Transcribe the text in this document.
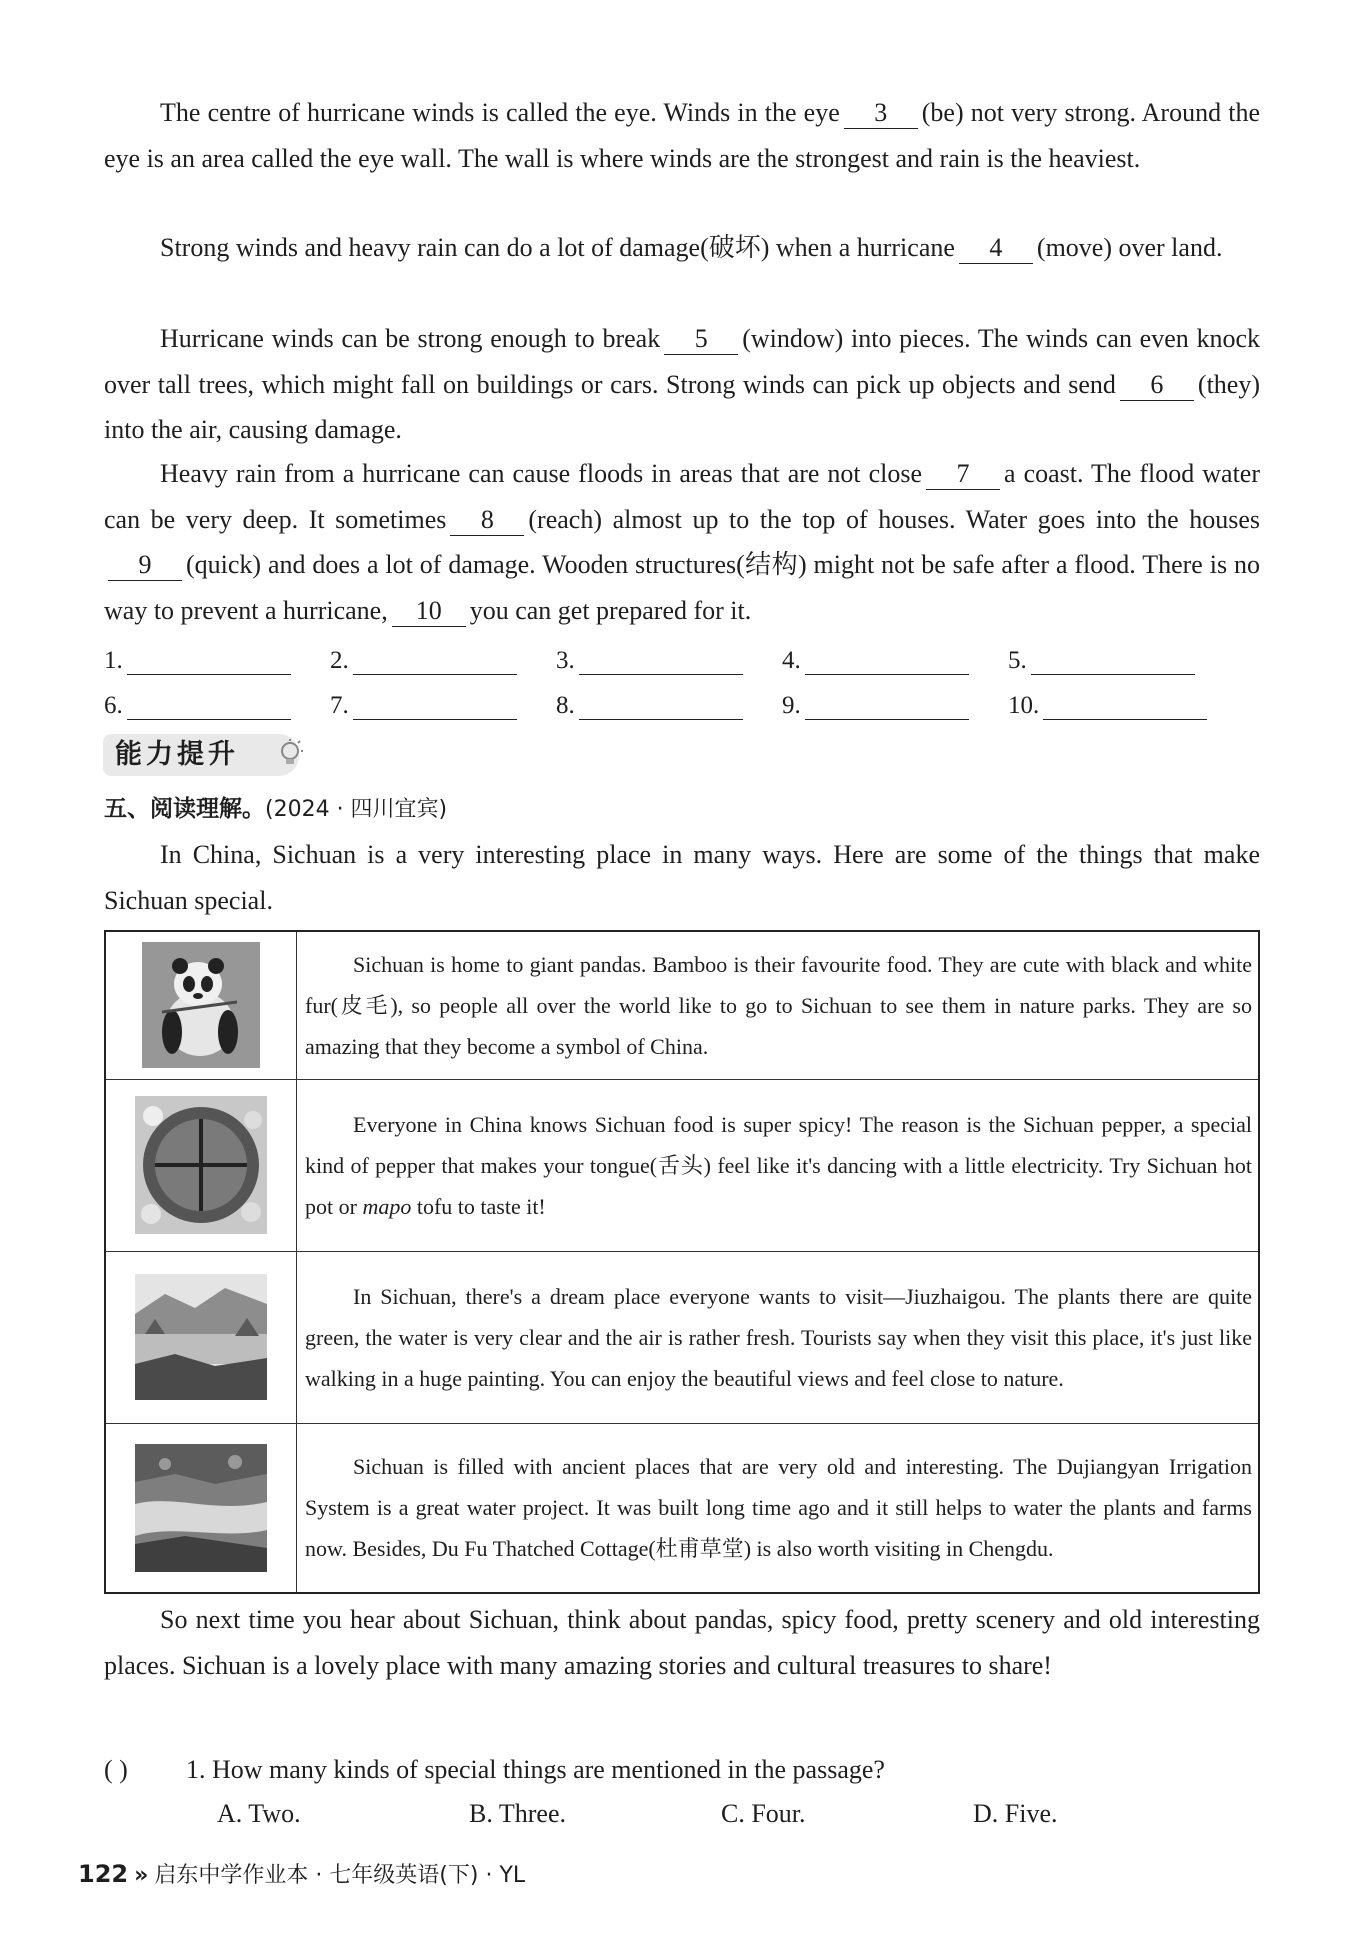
The centre of hurricane winds is called the eye. Winds in the eye 3 (be) not very strong. Around the eye is an area called the eye wall. The wall is where winds are the strongest and rain is the heaviest.
Strong winds and heavy rain can do a lot of damage(破坏) when a hurricane 4 (move) over land.
Hurricane winds can be strong enough to break 5 (window) into pieces. The winds can even knock over tall trees, which might fall on buildings or cars. Strong winds can pick up objects and send 6 (they) into the air, causing damage.
Heavy rain from a hurricane can cause floods in areas that are not close 7 a coast. The flood water can be very deep. It sometimes 8 (reach) almost up to the top of houses. Water goes into the houses9 (quick) and does a lot of damage. Wooden structures(结构) might not be safe after a flood. There is no way to prevent a hurricane, 10 you can get prepared for it.
1.	2.	3.	4.	5.
6.	7.	8.	9.	10.
能力提升
五、阅读理解。(2024 · 四川宜宾)
In China, Sichuan is a very interesting place in many ways. Here are some of the things that make Sichuan special.
	Sichuan is home to giant pandas. Bamboo is their favourite food. They are cute with black and white fur(皮毛), so people all over the world like to go to Sichuan to see them in nature parks. They are so amazing that they become a symbol of China.

	Everyone in China knows Sichuan food is super spicy! The reason is the Sichuan pepper, a special kind of pepper that makes your tongue(舌头) feel like it's dancing with a little electricity. Try Sichuan hot pot or mapo tofu to taste it!

	In Sichuan, there's a dream place everyone wants to visit—Jiuzhaigou. The plants there are quite green, the water is very clear and the air is rather fresh. Tourists say when they visit this place, it's just like walking in a huge painting. You can enjoy the beautiful views and feel close to nature.

	Sichuan is filled with ancient places that are very old and interesting. The Dujiangyan Irrigation System is a great water project. It was built long time ago and it still helps to water the plants and farms now. Besides, Du Fu Thatched Cottage(杜甫草堂) is also worth visiting in Chengdu.
So next time you hear about Sichuan, think about pandas, spicy food, pretty scenery and old interesting places. Sichuan is a lovely place with many amazing stories and cultural treasures to share!
( ) 1. How many kinds of special things are mentioned in the passage?
A. Two.	B. Three.	C. Four.	D. Five.
122 » 启东中学作业本 · 七年级英语(下) · YL
